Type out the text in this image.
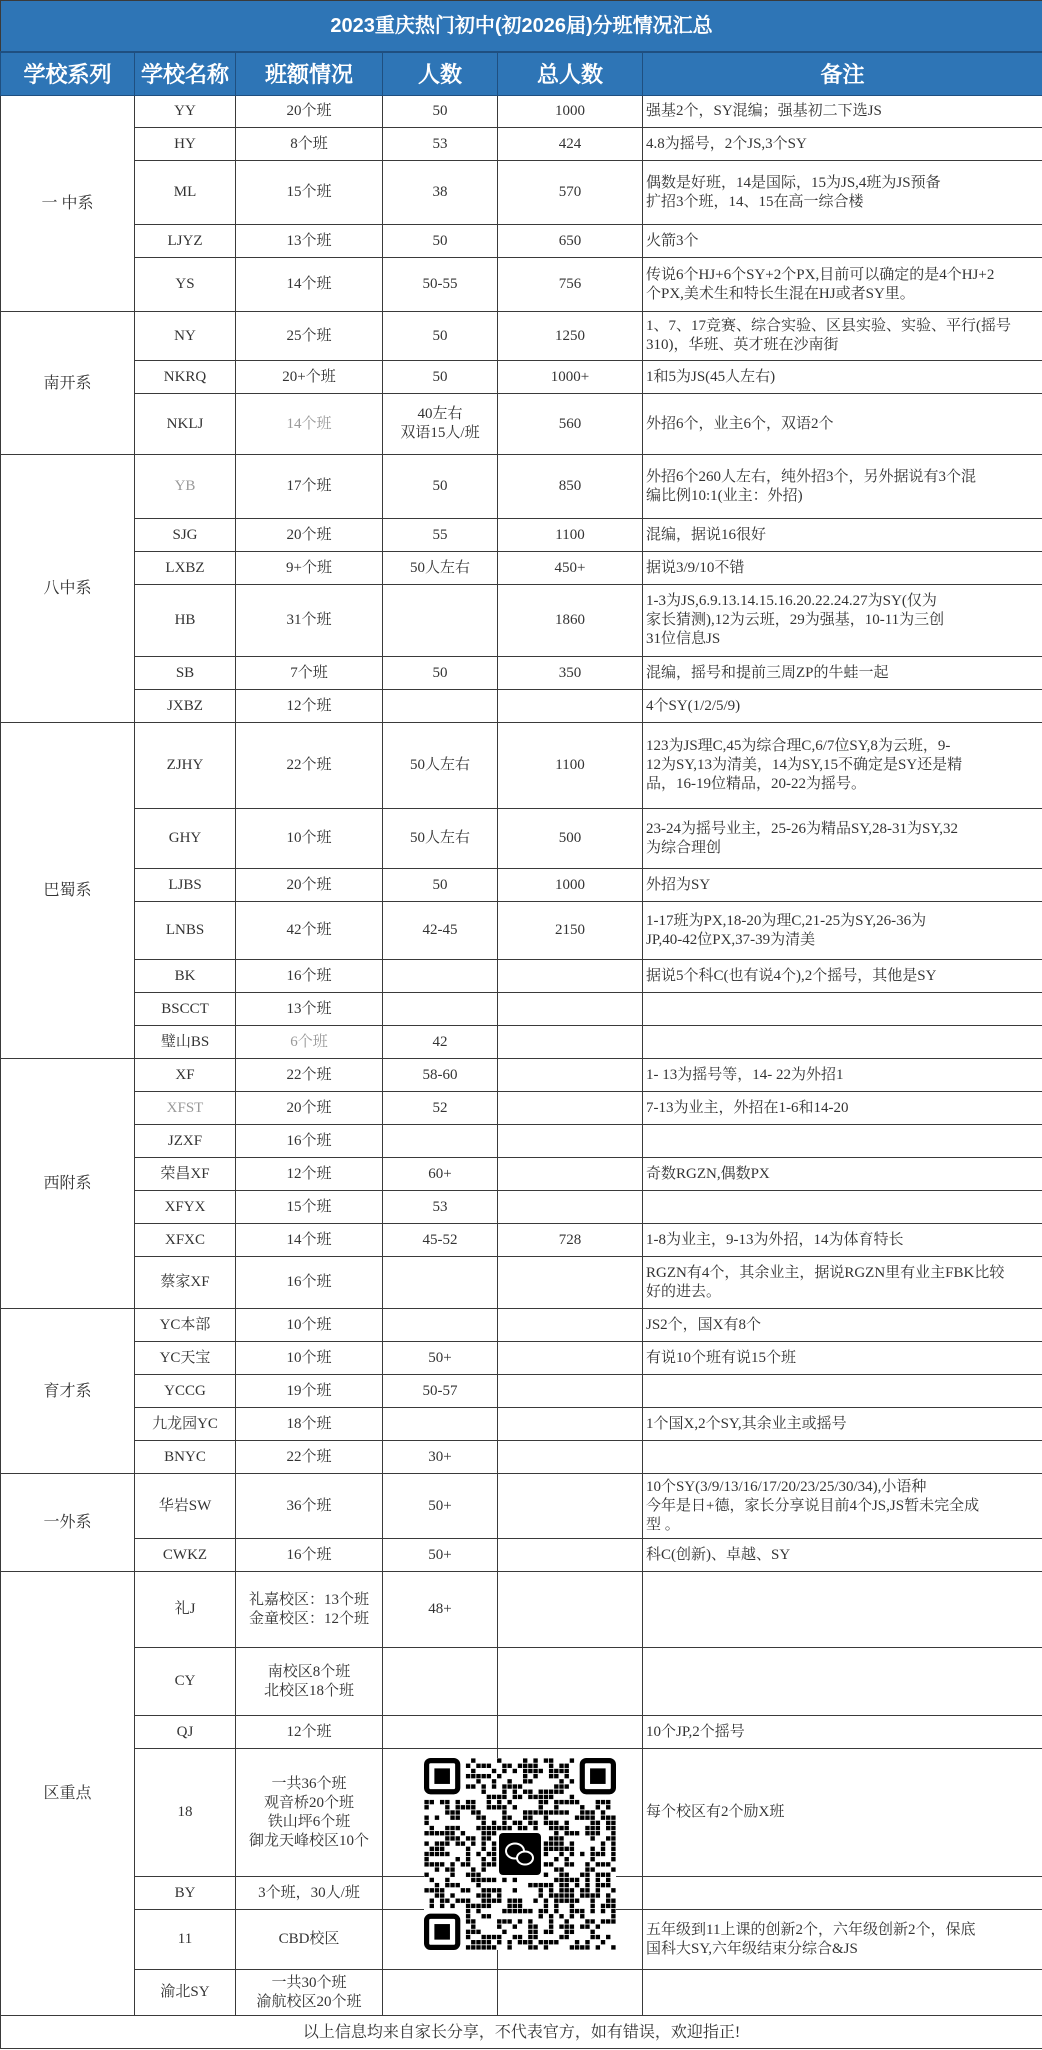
2023重庆热门初中(初2026届)分班情况汇总					
学校系列	学校名称	班额情况	人数	总人数	备注
一 中系	YY	20个班	50	1000	强基2个，SY混编；强基初二下选JS
	HY	8个班	53	424	4.8为摇号，2个JS,3个SY
	ML	15个班	38	570	偶数是好班，14是国际，15为JS,4班为JS预备
扩招3个班，14、15在高一综合楼
	LJYZ	13个班	50	650	火箭3个
	YS	14个班	50-55	756	传说6个HJ+6个SY+2个PX,目前可以确定的是4个HJ+2
个PX,美术生和特长生混在HJ或者SY里。
南开系	NY	25个班	50	1250	1、7、17竞赛、综合实验、区县实验、实验、平行(摇号
310)，华班、英才班在沙南街
	NKRQ	20+个班	50	1000+	1和5为JS(45人左右)
	NKLJ	14个班	40左右
双语15人/班	560	外招6个，业主6个，双语2个
八中系	YB	17个班	50	850	外招6个260人左右，纯外招3个，另外据说有3个混
编比例10:1(业主：外招)
	SJG	20个班	55	1100	混编，据说16很好
	LXBZ	9+个班	50人左右	450+	据说3/9/10不错
	HB	31个班		1860	1-3为JS,6.9.13.14.15.16.20.22.24.27为SY(仅为
家长猜测),12为云班，29为强基，10-11为三创
31位信息JS
	SB	7个班	50	350	混编，摇号和提前三周ZP的牛蛙一起
	JXBZ	12个班			4个SY(1/2/5/9)
巴蜀系	ZJHY	22个班	50人左右	1100	123为JS理C,45为综合理C,6/7位SY,8为云班，9-
12为SY,13为清美，14为SY,15不确定是SY还是精
品，16-19位精品，20-22为摇号。
	GHY	10个班	50人左右	500	23-24为摇号业主，25-26为精品SY,28-31为SY,32
为综合理创
	LJBS	20个班	50	1000	外招为SY
	LNBS	42个班	42-45	2150	1-17班为PX,18-20为理C,21-25为SY,26-36为
JP,40-42位PX,37-39为清美
	BK	16个班			据说5个科C(也有说4个),2个摇号，其他是SY
	BSCCT	13个班			
	璧山BS	6个班	42		
西附系	XF	22个班	58-60		1- 13为摇号等，14- 22为外招1
	XFST	20个班	52		7-13为业主，外招在1-6和14-20
	JZXF	16个班			
	荣昌XF	12个班	60+		奇数RGZN,偶数PX
	XFYX	15个班	53		
	XFXC	14个班	45-52	728	1-8为业主，9-13为外招，14为体育特长
	蔡家XF	16个班			RGZN有4个，其余业主，据说RGZN里有业主FBK比较
好的进去。
育才系	YC本部	10个班			JS2个，国X有8个
	YC天宝	10个班	50+		有说10个班有说15个班
	YCCG	19个班	50-57		
	九龙园YC	18个班			1个国X,2个SY,其余业主或摇号
	BNYC	22个班	30+		
一外系	华岩SW	36个班	50+		10个SY(3/9/13/16/17/20/23/25/30/34),小语种
今年是日+德，家长分享说目前4个JS,JS暂未完全成
型 。
	CWKZ	16个班	50+		科C(创新)、卓越、SY
区重点	礼J	礼嘉校区：13个班
金童校区：12个班	48+		
	CY	南校区8个班
北校区18个班			
	QJ	12个班			10个JP,2个摇号
	18	一共36个班
观音桥20个班
铁山坪6个班
御龙天峰校区10个			每个校区有2个励X班
	BY	3个班，30人/班			
	11	CBD校区			五年级到11上课的创新2个，六年级创新2个，保底
国科大SY,六年级结束分综合&JS
	渝北SY	一共30个班
渝航校区20个班			
以上信息均来自家长分享，不代表官方，如有错误，欢迎指正!					
